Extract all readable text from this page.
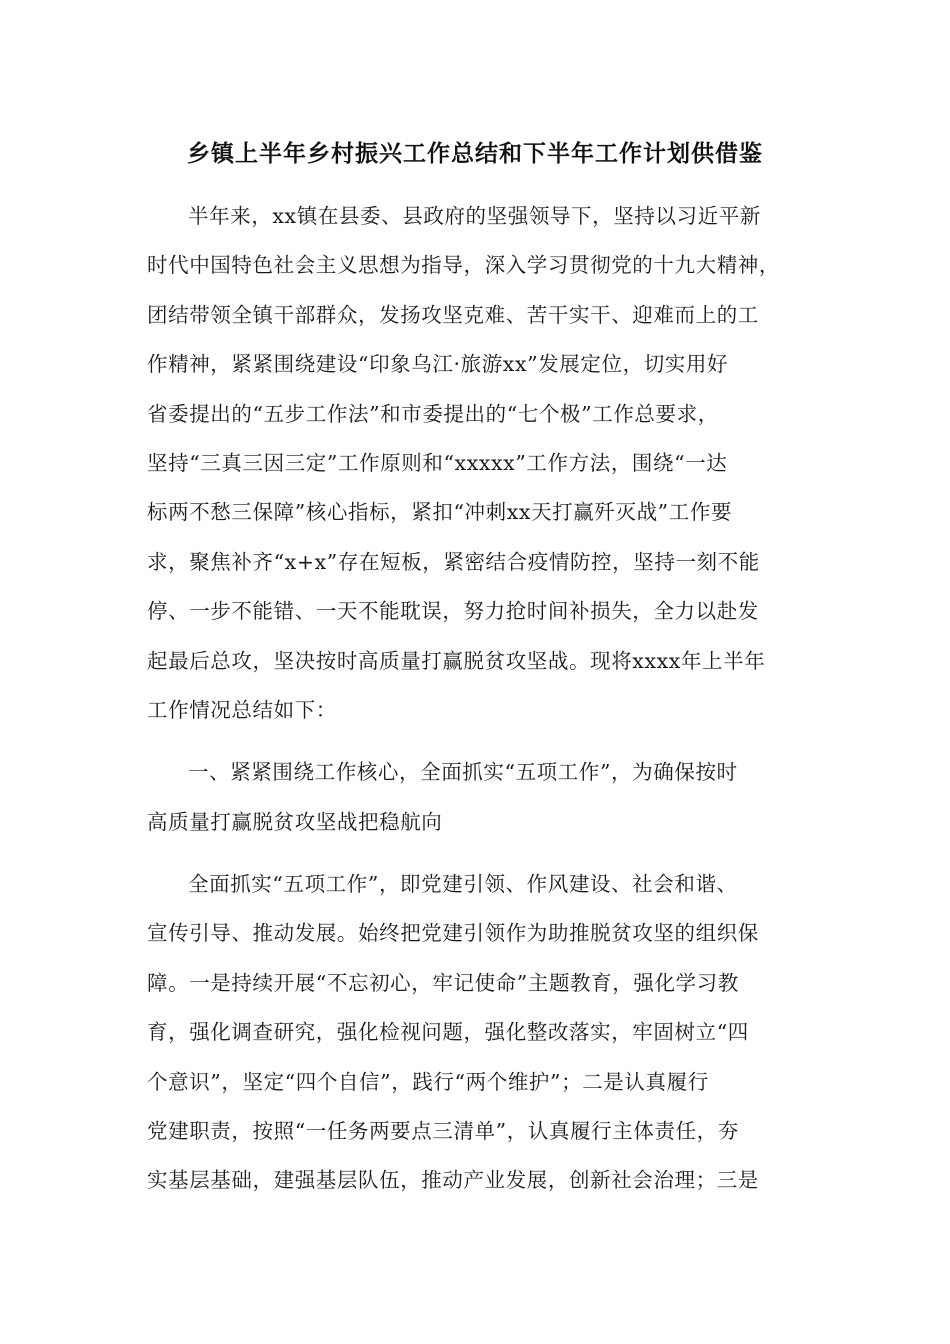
乡镇上半年乡村振兴工作总结和下半年工作计划供借鉴
半年来，xx镇在县委、县政府的坚强领导下，坚持以习近平新
时代中国特色社会主义思想为指导，深入学习贯彻党的十九大精神，
团结带领全镇干部群众，发扬攻坚克难、苦干实干、迎难而上的工
作精神，紧紧围绕建设“印象乌江·旅游xx”发展定位，切实用好
省委提出的“五步工作法”和市委提出的“七个极”工作总要求，
坚持“三真三因三定”工作原则和“xxxxx”工作方法，围绕“一达
标两不愁三保障”核心指标，紧扣“冲刺xx天打赢歼灭战”工作要
求，聚焦补齐“x+x”存在短板，紧密结合疫情防控，坚持一刻不能
停、一步不能错、一天不能耽误，努力抢时间补损失，全力以赴发
起最后总攻，坚决按时高质量打赢脱贫攻坚战。现将xxxx年上半年
工作情况总结如下：
一、紧紧围绕工作核心，全面抓实“五项工作”，为确保按时
高质量打赢脱贫攻坚战把稳航向
全面抓实“五项工作”，即党建引领、作风建设、社会和谐、
宣传引导、推动发展。始终把党建引领作为助推脱贫攻坚的组织保
障。一是持续开展“不忘初心，牢记使命”主题教育，强化学习教
育，强化调查研究，强化检视问题，强化整改落实，牢固树立“四
个意识”，坚定“四个自信”，践行“两个维护”；二是认真履行
党建职责，按照“一任务两要点三清单”，认真履行主体责任，夯
实基层基础，建强基层队伍，推动产业发展，创新社会治理；三是
